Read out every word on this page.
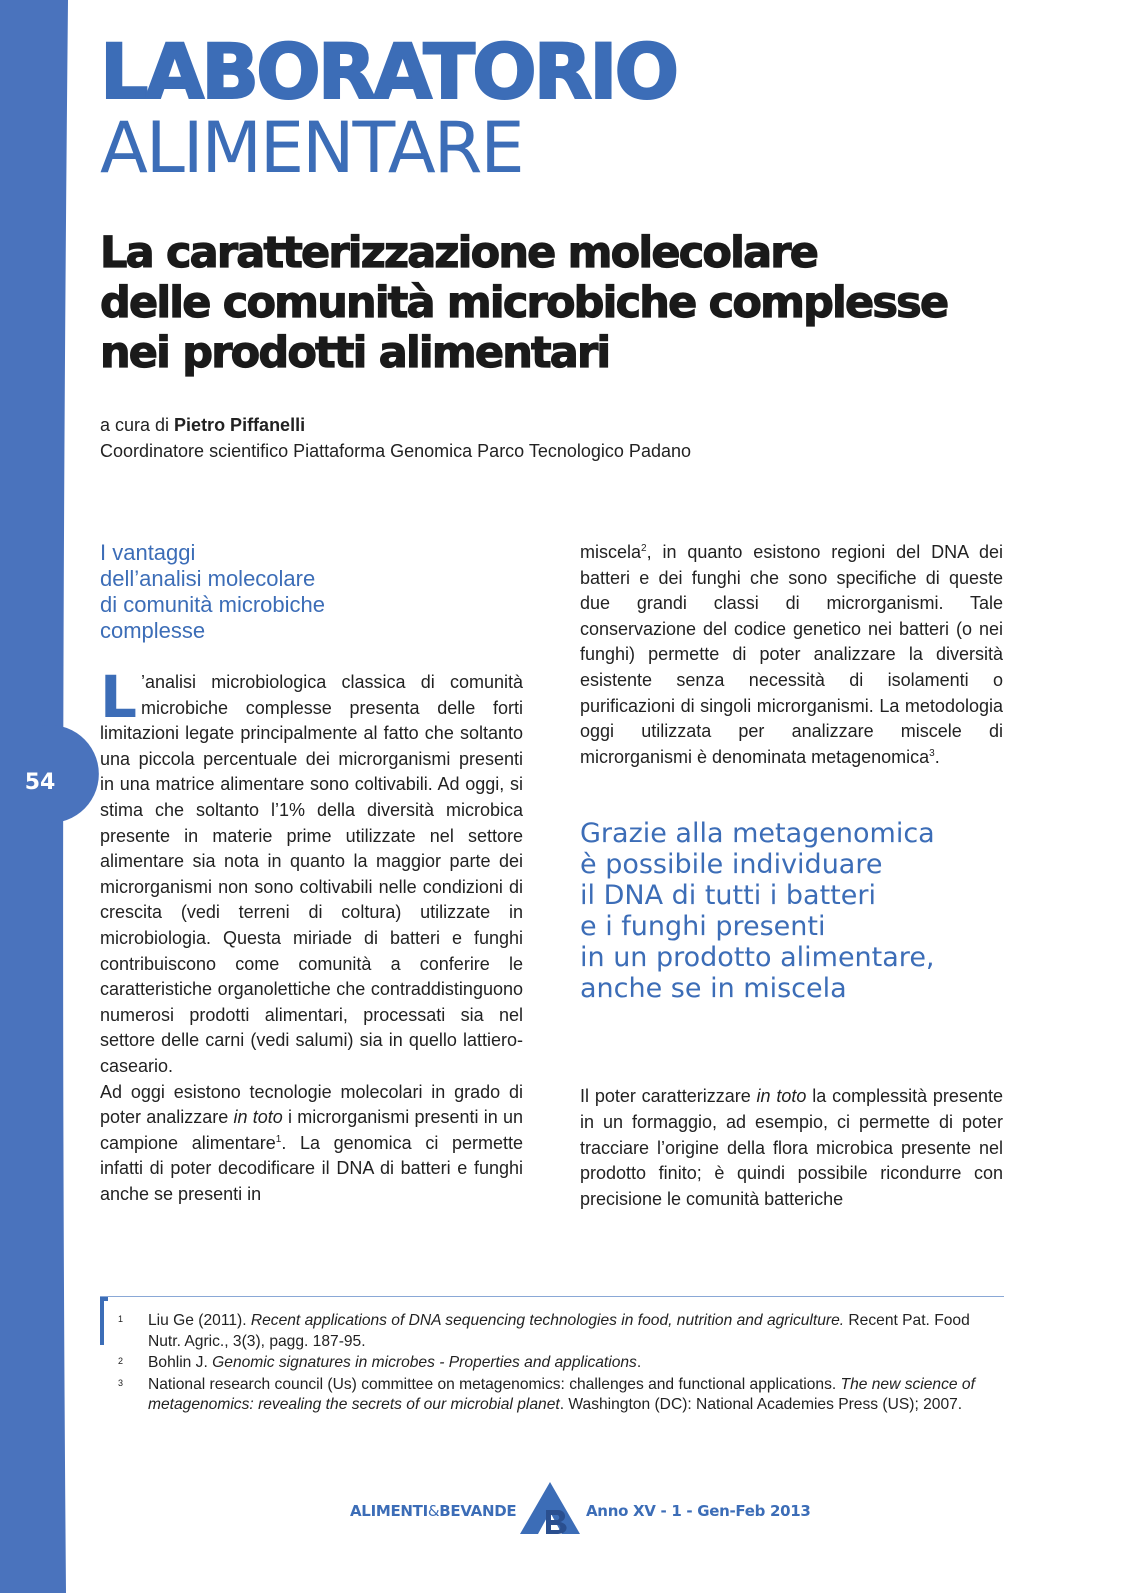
54
LABORATORIO
ALIMENTARE
La caratterizzazione molecolare
delle comunità microbiche complesse
nei prodotti alimentari
a cura di Pietro Piffanelli
Coordinatore scientifico Piattaforma Genomica Parco Tecnologico Padano
I vantaggi
dell’analisi molecolare
di comunità microbiche
complesse

L ’analisi microbiologica classica di comunità microbiche complesse presenta delle forti limitazioni legate principalmente al fatto che soltanto una piccola percentuale dei microrganismi presenti in una matrice alimentare sono coltivabili. Ad oggi, si stima che soltanto l’1% della diversità microbica presente in materie prime utilizzate nel settore alimentare sia nota in quanto la maggior parte dei microrganismi non sono coltivabili nelle condizioni di crescita (vedi terreni di coltura) utilizzate in microbiologia. Questa miriade di batteri e funghi contribuiscono come comunità a conferire le caratteristiche organolettiche che contraddistinguono numerosi prodotti alimentari, processati sia nel settore delle carni (vedi salumi) sia in quello lattiero-caseario.

Ad oggi esistono tecnologie molecolari in grado di poter analizzare in toto i microrganismi presenti in un campione alimentare$^1$. La genomica ci permette infatti di poter decodificare il DNA di batteri e funghi anche se presenti in

miscela$^2$, in quanto esistono regioni del DNA dei batteri e dei funghi che sono specifiche di queste due grandi classi di microrganismi. Tale conservazione del codice genetico nei batteri (o nei funghi) permette di poter analizzare la diversità esistente senza necessità di isolamenti o purificazioni di singoli microrganismi. La metodologia oggi utilizzata per analizzare miscele di microrganismi è denominata metagenomica$^3$.

Grazie alla metagenomica
è possibile individuare
il DNA di tutti i batteri
e i funghi presenti
in un prodotto alimentare,
anche se in miscela

Il poter caratterizzare in toto la complessità presente in un formaggio, ad esempio, ci permette di poter tracciare l’origine della flora microbica presente nel prodotto finito; è quindi possibile ricondurre con precisione le comunità batteriche

1 Liu Ge (2011). Recent applications of DNA sequencing technologies in food, nutrition and agriculture. Recent Pat. Food Nutr. Agric., 3(3), pagg. 187-95.
2 Bohlin J. Genomic signatures in microbes - Properties and applications.
3 National research council (Us) committee on metagenomics: challenges and functional applications. The new science of metagenomics: revealing the secrets of our microbial planet. Washington (DC): National Academies Press (US); 2007.
ALIMENTI&BEVANDE	Anno XV - 1 - Gen-Feb 2013
